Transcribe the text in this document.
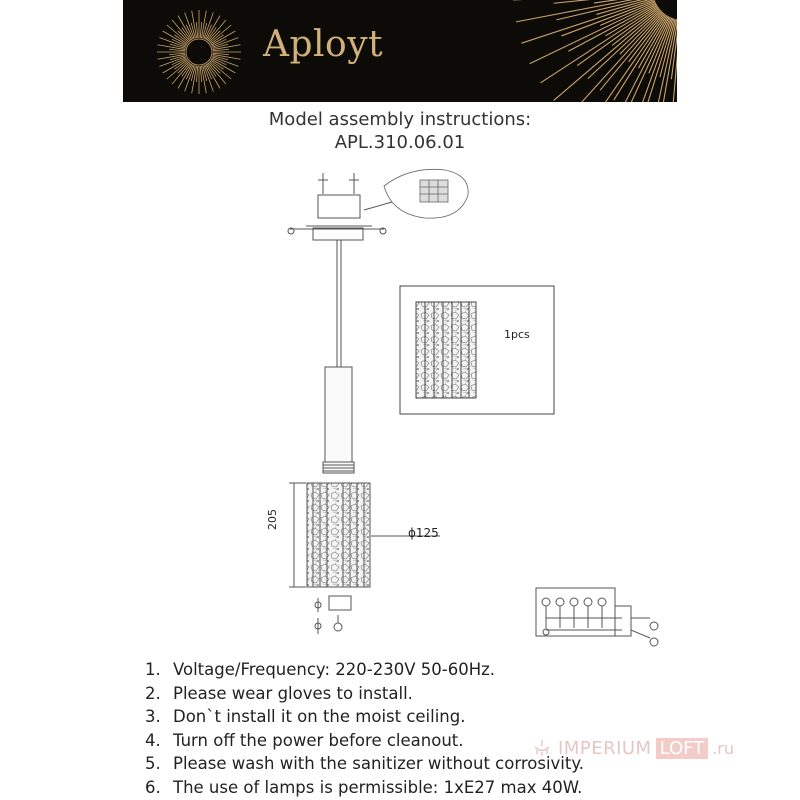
Aployt
Model assembly instructions:
APL.310.06.01
1pcs
205
ϕ125
1. Voltage/Frequency: 220-230V 50-60Hz.
2. Please wear gloves to install.
3. Don`t install it on the moist ceiling.
4. Turn off the power before cleanout.
5. Please wash with the sanitizer without corrosivity.
6. The use of lamps is permissible: 1xE27 max 40W.
IMPERIUM LOFT .ru
